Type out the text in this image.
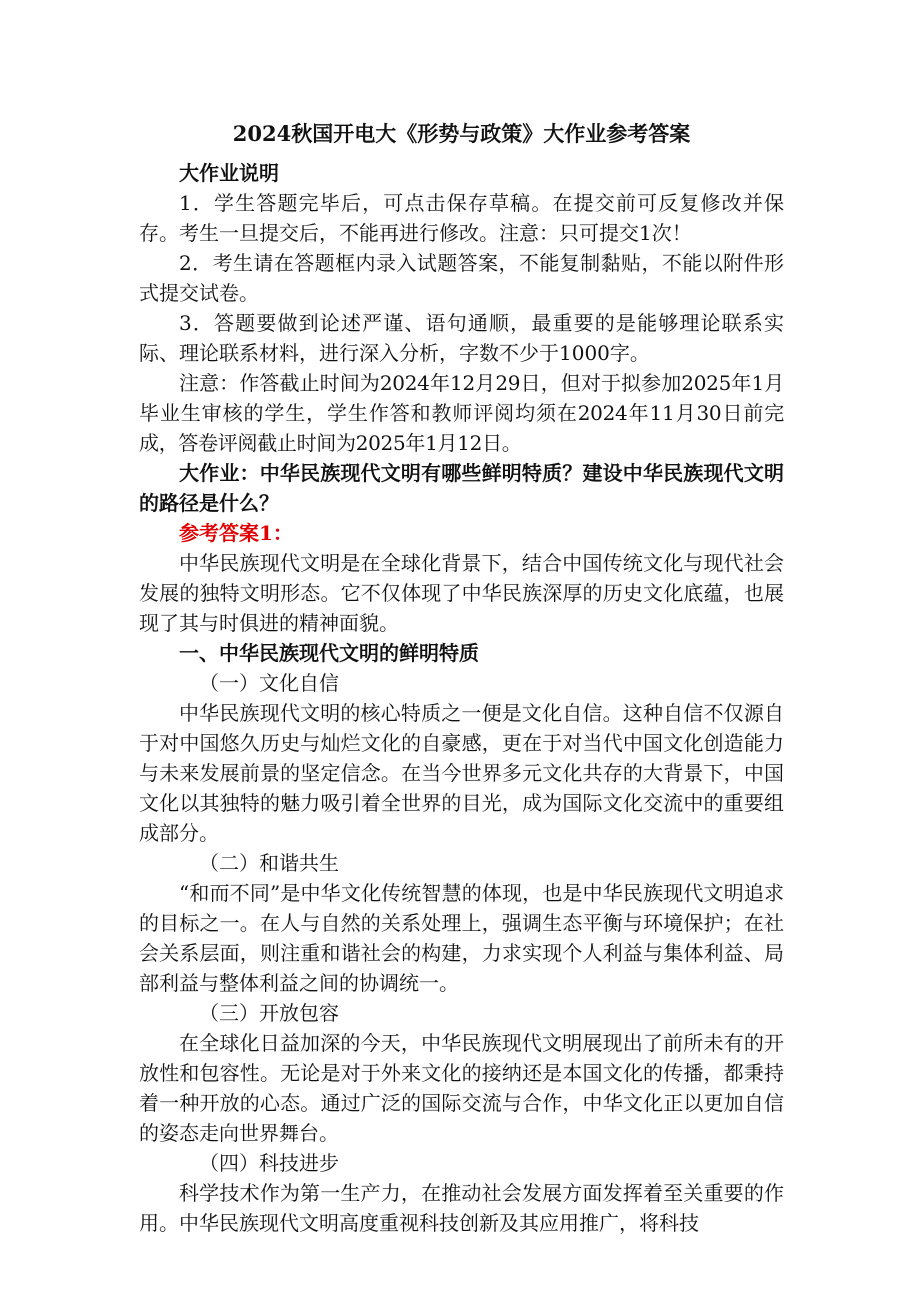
2024秋国开电大《形势与政策》大作业参考答案

大作业说明

1．学生答题完毕后，可点击保存草稿。在提交前可反复修改并保存。考生一旦提交后，不能再进行修改。注意：只可提交1次！

2．考生请在答题框内录入试题答案，不能复制黏贴，不能以附件形式提交试卷。

3．答题要做到论述严谨、语句通顺，最重要的是能够理论联系实际、理论联系材料，进行深入分析，字数不少于1000字。

注意：作答截止时间为2024年12月29日，但对于拟参加2025年1月毕业生审核的学生，学生作答和教师评阅均须在2024年11月30日前完成，答卷评阅截止时间为2025年1月12日。

大作业：中华民族现代文明有哪些鲜明特质？建设中华民族现代文明的路径是什么？

参考答案1：

中华民族现代文明是在全球化背景下，结合中国传统文化与现代社会发展的独特文明形态。它不仅体现了中华民族深厚的历史文化底蕴，也展现了其与时俱进的精神面貌。

一、中华民族现代文明的鲜明特质

（一）文化自信

中华民族现代文明的核心特质之一便是文化自信。这种自信不仅源自于对中国悠久历史与灿烂文化的自豪感，更在于对当代中国文化创造能力与未来发展前景的坚定信念。在当今世界多元文化共存的大背景下，中国文化以其独特的魅力吸引着全世界的目光，成为国际文化交流中的重要组成部分。

（二）和谐共生

“和而不同”是中华文化传统智慧的体现，也是中华民族现代文明追求的目标之一。在人与自然的关系处理上，强调生态平衡与环境保护；在社会关系层面，则注重和谐社会的构建，力求实现个人利益与集体利益、局部利益与整体利益之间的协调统一。

（三）开放包容

在全球化日益加深的今天，中华民族现代文明展现出了前所未有的开放性和包容性。无论是对于外来文化的接纳还是本国文化的传播，都秉持着一种开放的心态。通过广泛的国际交流与合作，中华文化正以更加自信的姿态走向世界舞台。

（四）科技进步

科学技术作为第一生产力，在推动社会发展方面发挥着至关重要的作用。中华民族现代文明高度重视科技创新及其应用推广，将科技
